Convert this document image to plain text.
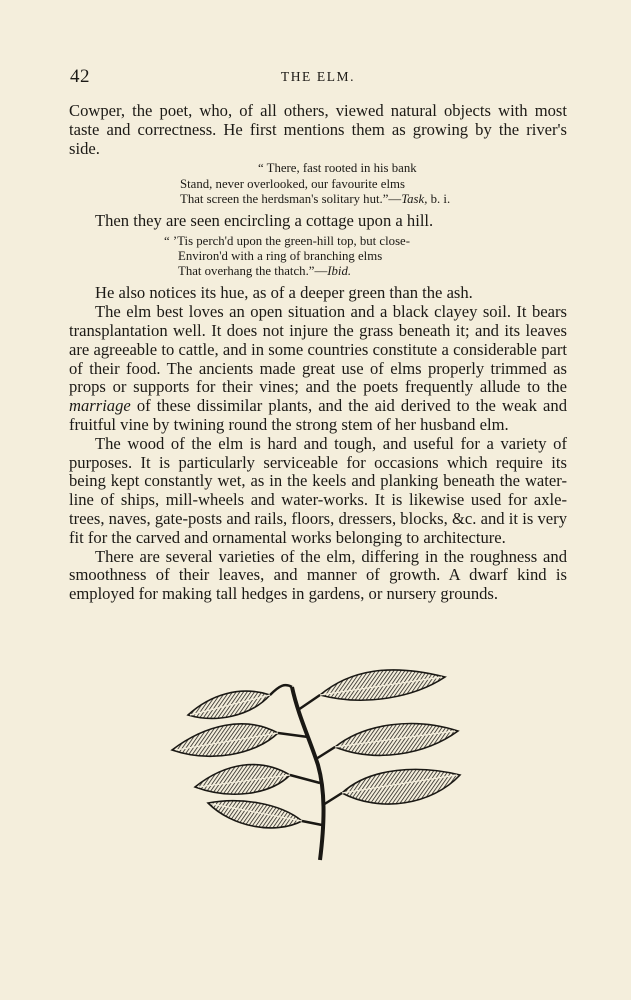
42	THE ELM.

Cowper, the poet, who, of all others, viewed natural objects with most taste and correctness. He first mentions them as growing by the river's side.

“ There, fast rooted in his bank
Stand, never overlooked, our favourite elms
That screen the herdsman's solitary hut.”—Task, b. i.

Then they are seen encircling a cottage upon a hill.

“ ’Tis perch'd upon the green-hill top, but close-
Environ'd with a ring of branching elms
That overhang the thatch.”—Ibid.

He also notices its hue, as of a deeper green than the ash.

The elm best loves an open situation and a black clayey soil. It bears transplantation well. It does not injure the grass beneath it; and its leaves are agreeable to cattle, and in some countries constitute a considerable part of their food. The ancients made great use of elms properly trimmed as props or supports for their vines; and the poets frequently allude to the marriage of these dissimilar plants, and the aid derived to the weak and fruitful vine by twining round the strong stem of her husband elm.

The wood of the elm is hard and tough, and useful for a variety of purposes. It is particularly serviceable for occasions which require its being kept constantly wet, as in the keels and planking beneath the water-line of ships, mill-wheels and water-works. It is likewise used for axle-trees, naves, gate-posts and rails, floors, dressers, blocks, &c. and it is very fit for the carved and ornamental works belonging to architecture.

There are several varieties of the elm, differing in the roughness and smoothness of their leaves, and manner of growth. A dwarf kind is employed for making tall hedges in gardens, or nursery grounds.
